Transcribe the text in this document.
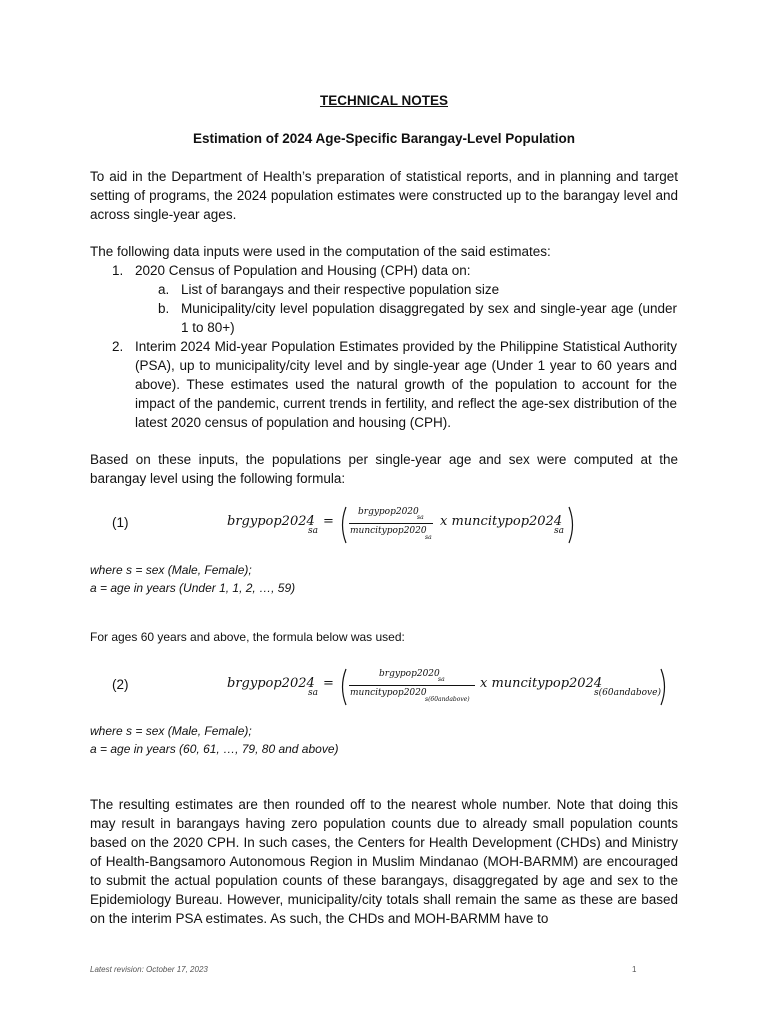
TECHNICAL NOTES
Estimation of 2024 Age-Specific Barangay-Level Population
To aid in the Department of Health’s preparation of statistical reports, and in planning and target setting of programs, the 2024 population estimates were constructed up to the barangay level and across single-year ages.
The following data inputs were used in the computation of the said estimates:
1. 2020 Census of Population and Housing (CPH) data on:
a. List of barangays and their respective population size
b. Municipality/city level population disaggregated by sex and single-year age (under 1 to 80+)
2. Interim 2024 Mid-year Population Estimates provided by the Philippine Statistical Authority (PSA), up to municipality/city level and by single-year age (Under 1 year to 60 years and above). These estimates used the natural growth of the population to account for the impact of the pandemic, current trends in fertility, and reflect the age-sex distribution of the latest 2020 census of population and housing (CPH).
Based on these inputs, the populations per single-year age and sex were computed at the barangay level using the following formula:
(1)	brgypop2024
sa
=
brgypop2020
sa
muncitypop2020
sa
x muncitypop2024
sa
where s = sex (Male, Female);
a = age in years (Under 1, 1, 2, …, 59)
For ages 60 years and above, the formula below was used:
(2)	brgypop2024
sa
=
brgypop2020
sa
muncitypop2020
s(60andabove)
x muncitypop2024
s(60andabove)
where s = sex (Male, Female);
a = age in years (60, 61, …, 79, 80 and above)
The resulting estimates are then rounded off to the nearest whole number. Note that doing this may result in barangays having zero population counts due to already small population counts based on the 2020 CPH. In such cases, the Centers for Health Development (CHDs) and Ministry of Health-Bangsamoro Autonomous Region in Muslim Mindanao (MOH-BARMM) are encouraged to submit the actual population counts of these barangays, disaggregated by age and sex to the Epidemiology Bureau. However, municipality/city totals shall remain the same as these are based on the interim PSA estimates. As such, the CHDs and MOH-BARMM have to
Latest revision: October 17, 2023	1
